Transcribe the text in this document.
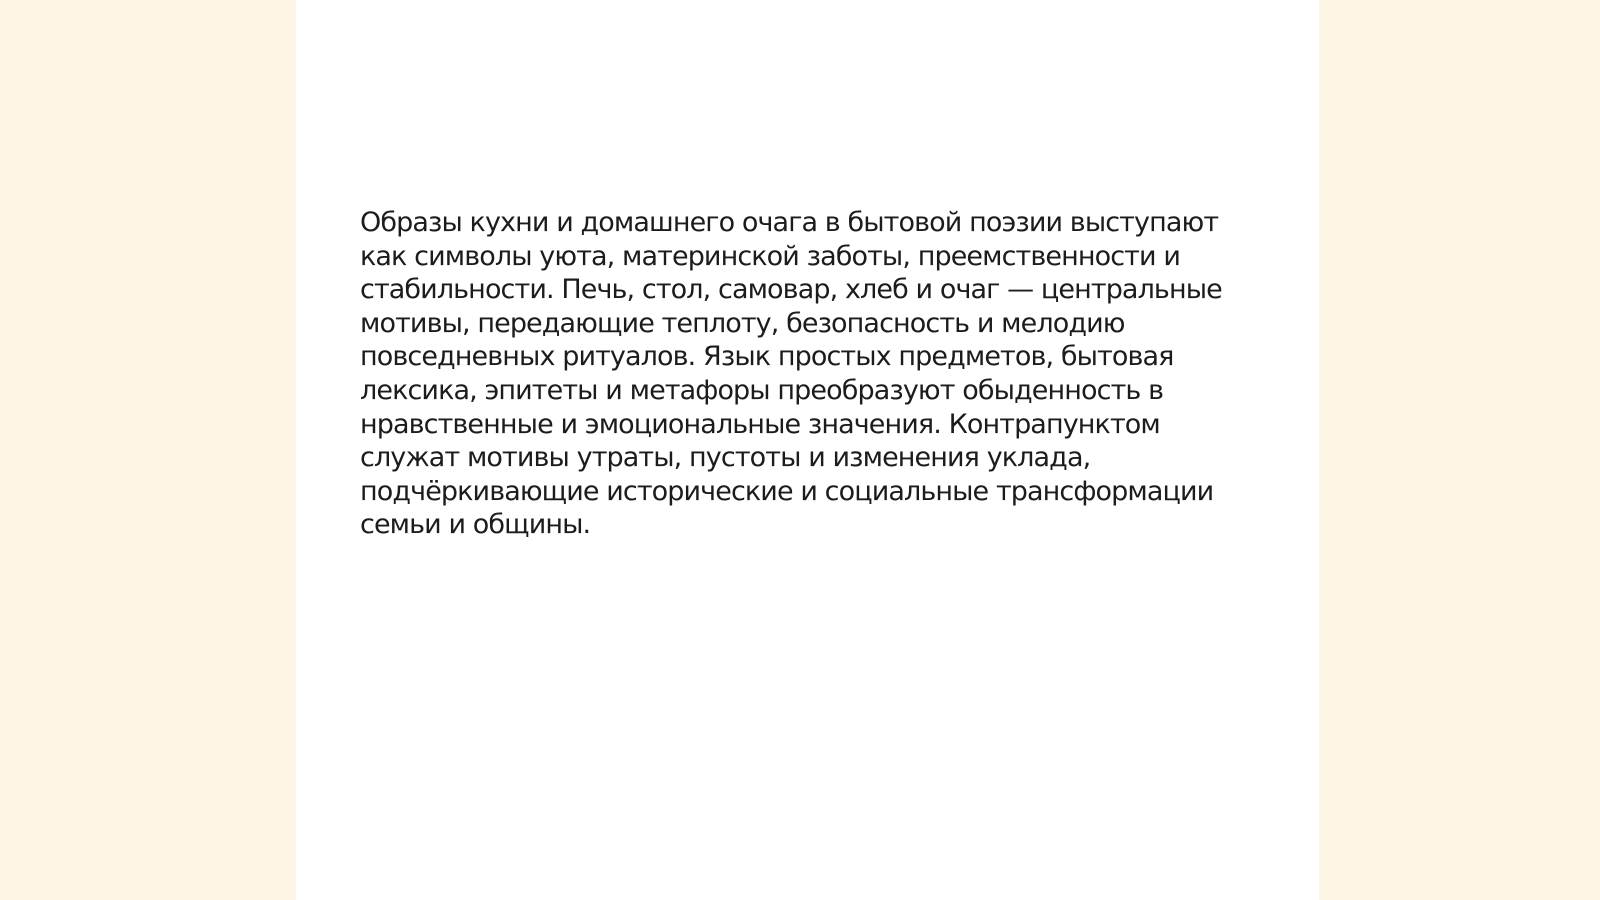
Образы кухни и домашнего очага в бытовой поэзии выступают
как символы уюта, материнской заботы, преемственности и
стабильности. Печь, стол, самовар, хлеб и очаг — центральные
мотивы, передающие теплоту, безопасность и мелодию
повседневных ритуалов. Язык простых предметов, бытовая
лексика, эпитеты и метафоры преобразуют обыденность в
нравственные и эмоциональные значения. Контрапунктом
служат мотивы утраты, пустоты и изменения уклада,
подчёркивающие исторические и социальные трансформации
семьи и общины.
